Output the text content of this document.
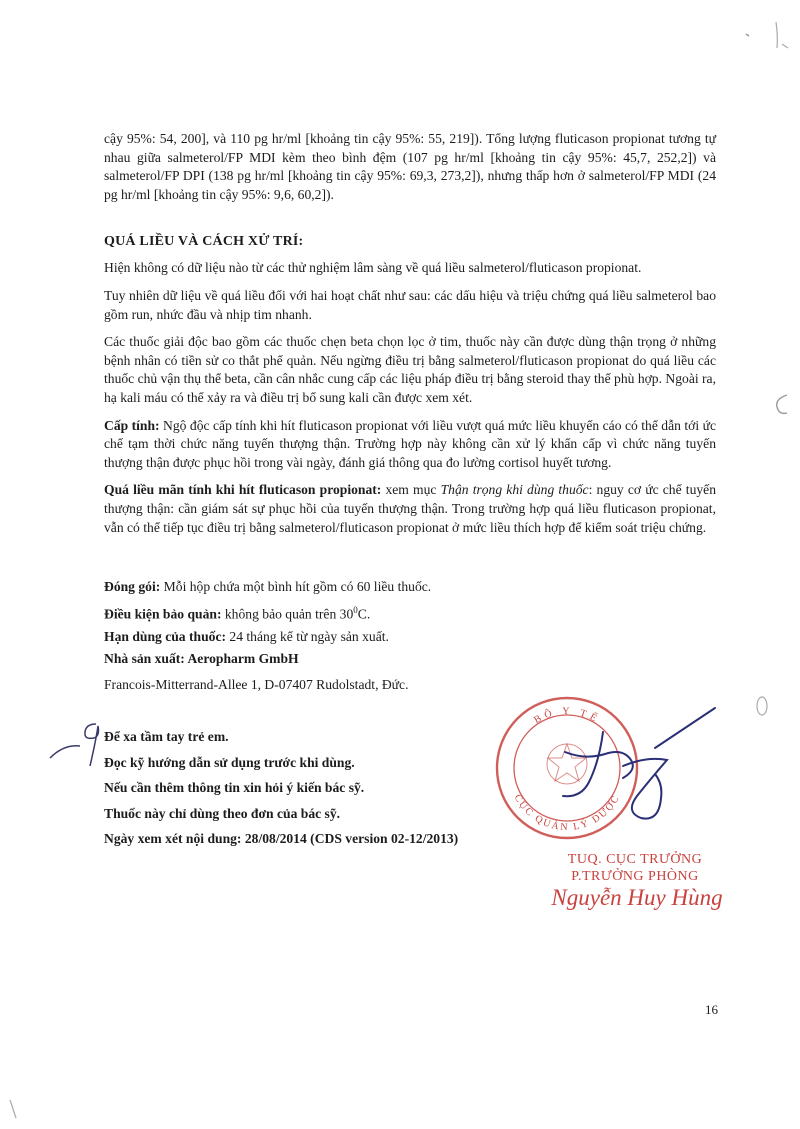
cậy 95%: 54, 200], và 110 pg hr/ml [khoảng tin cậy 95%: 55, 219]). Tổng lượng fluticason propionat tương tự nhau giữa salmeterol/FP MDI kèm theo bình đệm (107 pg hr/ml [khoảng tin cậy 95%: 45,7, 252,2]) và salmeterol/FP DPI (138 pg hr/ml [khoảng tin cậy 95%: 69,3, 273,2]), nhưng thấp hơn ở salmeterol/FP MDI (24 pg hr/ml [khoảng tin cậy 95%: 9,6, 60,2]).

QUÁ LIỀU VÀ CÁCH XỬ TRÍ:

Hiện không có dữ liệu nào từ các thử nghiệm lâm sàng về quá liều salmeterol/fluticason propionat.

Tuy nhiên dữ liệu về quá liều đối với hai hoạt chất như sau: các dấu hiệu và triệu chứng quá liều salmeterol bao gồm run, nhức đầu và nhịp tim nhanh.

Các thuốc giải độc bao gồm các thuốc chẹn beta chọn lọc ở tim, thuốc này cần được dùng thận trọng ở những bệnh nhân có tiền sử co thắt phế quản. Nếu ngừng điều trị bằng salmeterol/fluticason propionat do quá liều các thuốc chủ vận thụ thể beta, cần cân nhắc cung cấp các liệu pháp điều trị bằng steroid thay thế phù hợp. Ngoài ra, hạ kali máu có thể xảy ra và điều trị bổ sung kali cần được xem xét.

Cấp tính: Ngộ độc cấp tính khi hít fluticason propionat với liều vượt quá mức liều khuyến cáo có thể dẫn tới ức chế tạm thời chức năng tuyến thượng thận. Trường hợp này không cần xử lý khẩn cấp vì chức năng tuyến thượng thận được phục hồi trong vài ngày, đánh giá thông qua đo lường cortisol huyết tương.

Quá liều mãn tính khi hít fluticason propionat: xem mục Thận trọng khi dùng thuốc: nguy cơ ức chế tuyến thượng thận: cần giám sát sự phục hồi của tuyến thượng thận. Trong trường hợp quá liều fluticason propionat, vẫn có thể tiếp tục điều trị bằng salmeterol/fluticason propionat ở mức liều thích hợp để kiểm soát triệu chứng.

Đóng gói: Mỗi hộp chứa một bình hít gồm có 60 liều thuốc.

Điều kiện bảo quản: không bảo quản trên $30^0C$.

Hạn dùng của thuốc: 24 tháng kể từ ngày sản xuất.

Nhà sản xuất: Aeropharm GmbH

Francois-Mitterrand-Allee 1, D-07407 Rudolstadt, Đức.

Để xa tầm tay trẻ em.

Đọc kỹ hướng dẫn sử dụng trước khi dùng.

Nếu cần thêm thông tin xin hỏi ý kiến bác sỹ.

Thuốc này chỉ dùng theo đơn của bác sỹ.

Ngày xem xét nội dung: 28/08/2014 (CDS version 02-12/2013)

BỘ Y TẾ
CỤC QUẢN LÝ DƯỢC
TUQ. CỤC TRƯỞNG
P.TRƯỞNG PHÒNG
Nguyễn Huy Hùng
16
